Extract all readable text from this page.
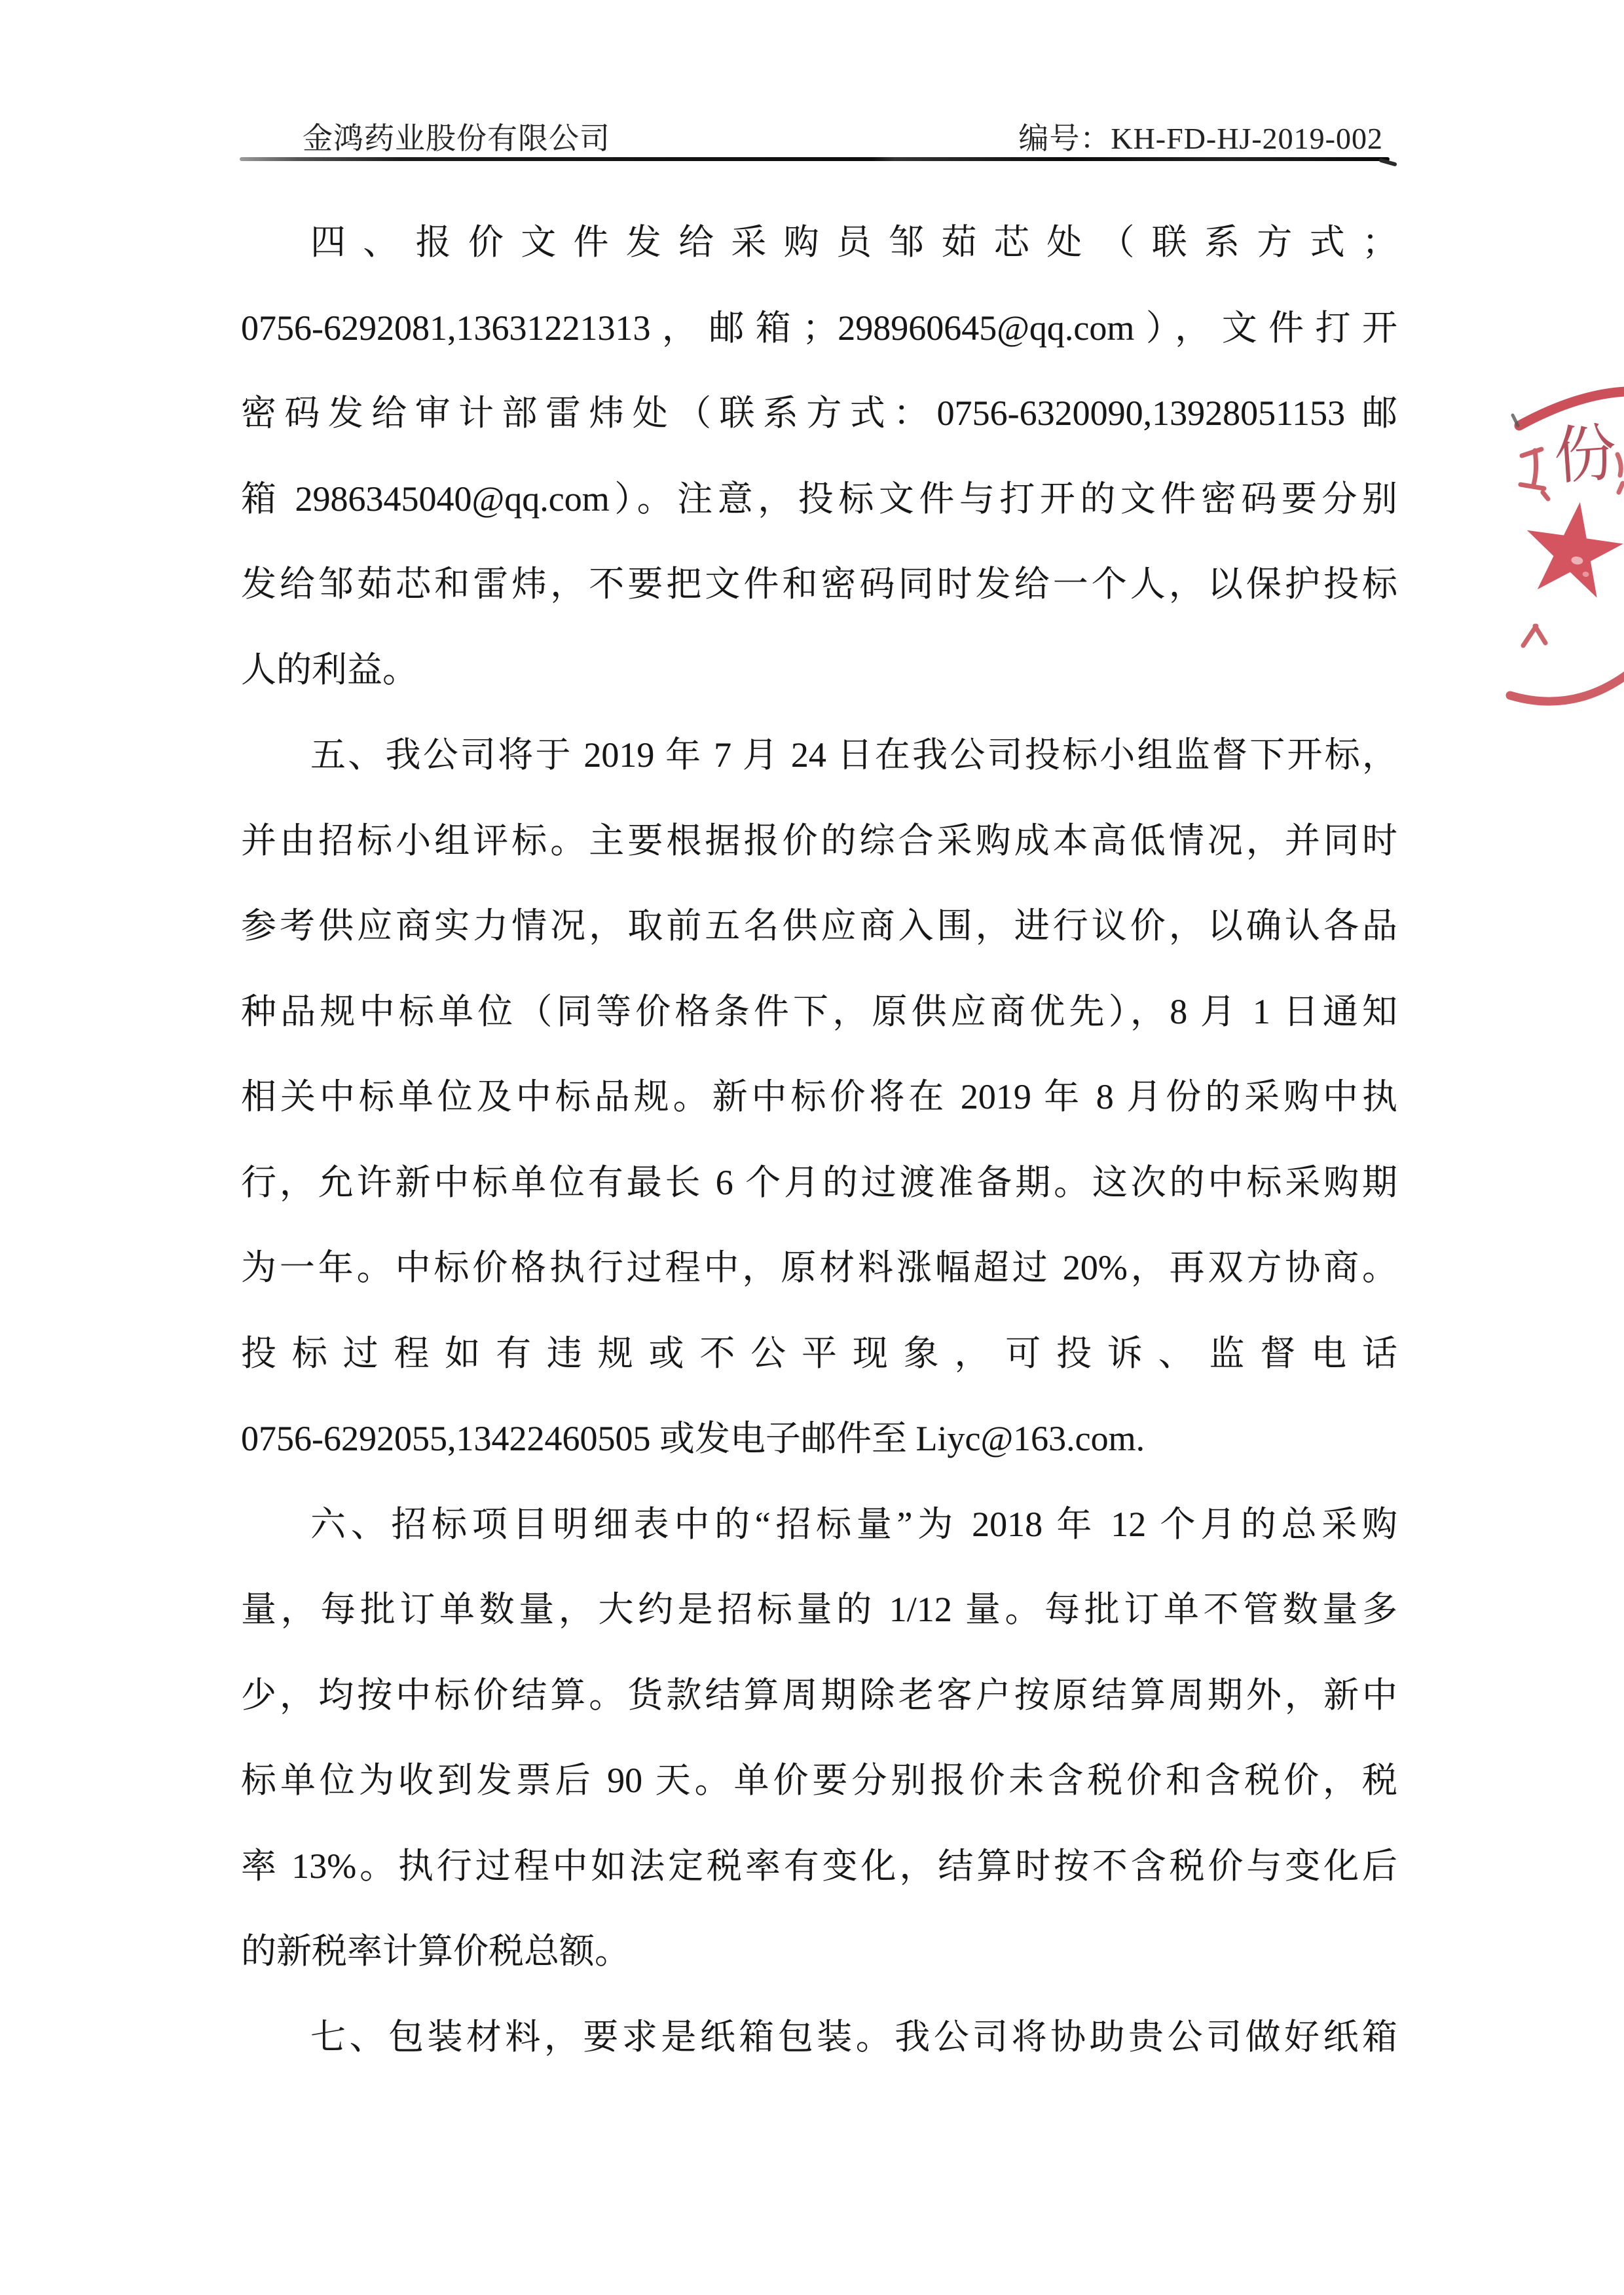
金鸿药业股份有限公司	编号：KH-FD-HJ-2019-002
四、报价文件发给采购员邹茹芯处（联系方式；
0756-6292081,13631221313，邮箱；298960645@qq.com），文件打开
密码发给审计部雷炜处（联系方式：0756-6320090,13928051153 邮
箱 2986345040@qq.com）。注意，投标文件与打开的文件密码要分别
发给邹茹芯和雷炜，不要把文件和密码同时发给一个人，以保护投标
人的利益。
五、我公司将于 2019 年 7 月 24 日在我公司投标小组监督下开标，
并由招标小组评标。主要根据报价的综合采购成本高低情况，并同时
参考供应商实力情况，取前五名供应商入围，进行议价，以确认各品
种品规中标单位（同等价格条件下，原供应商优先），8 月 1 日通知
相关中标单位及中标品规。新中标价将在 2019 年 8 月份的采购中执
行，允许新中标单位有最长 6 个月的过渡准备期。这次的中标采购期
为一年。中标价格执行过程中，原材料涨幅超过 20%，再双方协商。
投标过程如有违规或不公平现象，可投诉、监督电话
0756-6292055,13422460505 或发电子邮件至 Liyc@163.com.
六、招标项目明细表中的“招标量”为 2018 年 12 个月的总采购
量，每批订单数量，大约是招标量的 1/12 量。每批订单不管数量多
少，均按中标价结算。货款结算周期除老客户按原结算周期外，新中
标单位为收到发票后 90 天。单价要分别报价未含税价和含税价，税
率 13%。执行过程中如法定税率有变化，结算时按不含税价与变化后
的新税率计算价税总额。
七、包装材料，要求是纸箱包装。我公司将协助贵公司做好纸箱
份
